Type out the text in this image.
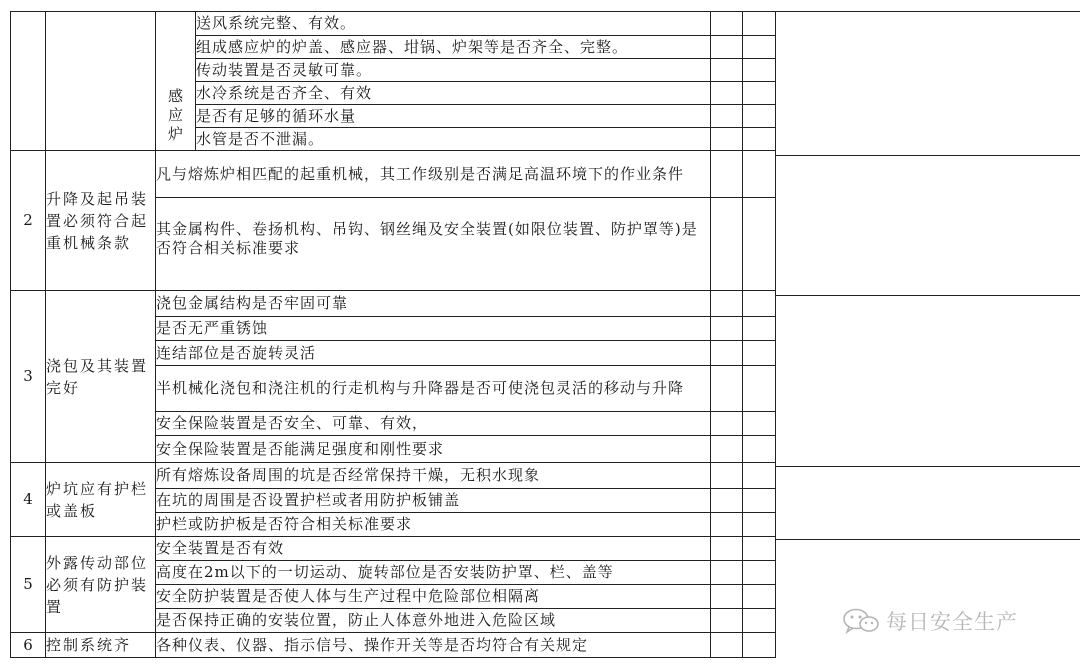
		感应炉	送风系统完整、有效。		
			组成感应炉的炉盖、感应器、坩锅、炉架等是否齐全、完整。		
			传动装置是否灵敏可靠。		
			水冷系统是否齐全、有效		
			是否有足够的循环水量		
			水管是否不泄漏。		
2	升降及起吊装置必须符合起重机械条款	凡与熔炼炉相匹配的起重机械，其工作级别是否满足高温环境下的作业条件			
		其金属构件、卷扬机构、吊钩、钢丝绳及安全装置(如限位装置、防护罩等)是否符合相关标准要求			
3	浇包及其装置完好	浇包金属结构是否牢固可靠			
		是否无严重锈蚀			
		连结部位是否旋转灵活			
		半机械化浇包和浇注机的行走机构与升降器是否可使浇包灵活的移动与升降			
		安全保险装置是否安全、可靠、有效，			
		安全保险装置是否能满足强度和刚性要求			
4	炉坑应有护栏或盖板	所有熔炼设备周围的坑是否经常保持干燥，无积水现象			
		在坑的周围是否设置护栏或者用防护板铺盖			
		护栏或防护板是否符合相关标准要求			
5	外露传动部位必须有防护装置	安全装置是否有效			
		高度在2m以下的一切运动、旋转部位是否安装防护罩、栏、盖等			
		安全防护装置是否使人体与生产过程中危险部位相隔离			
		是否保持正确的安装位置，防止人体意外地进入危险区域			
6	控制系统齐	各种仪表、仪器、指示信号、操作开关等是否均符合有关规定			
每日安全生产
